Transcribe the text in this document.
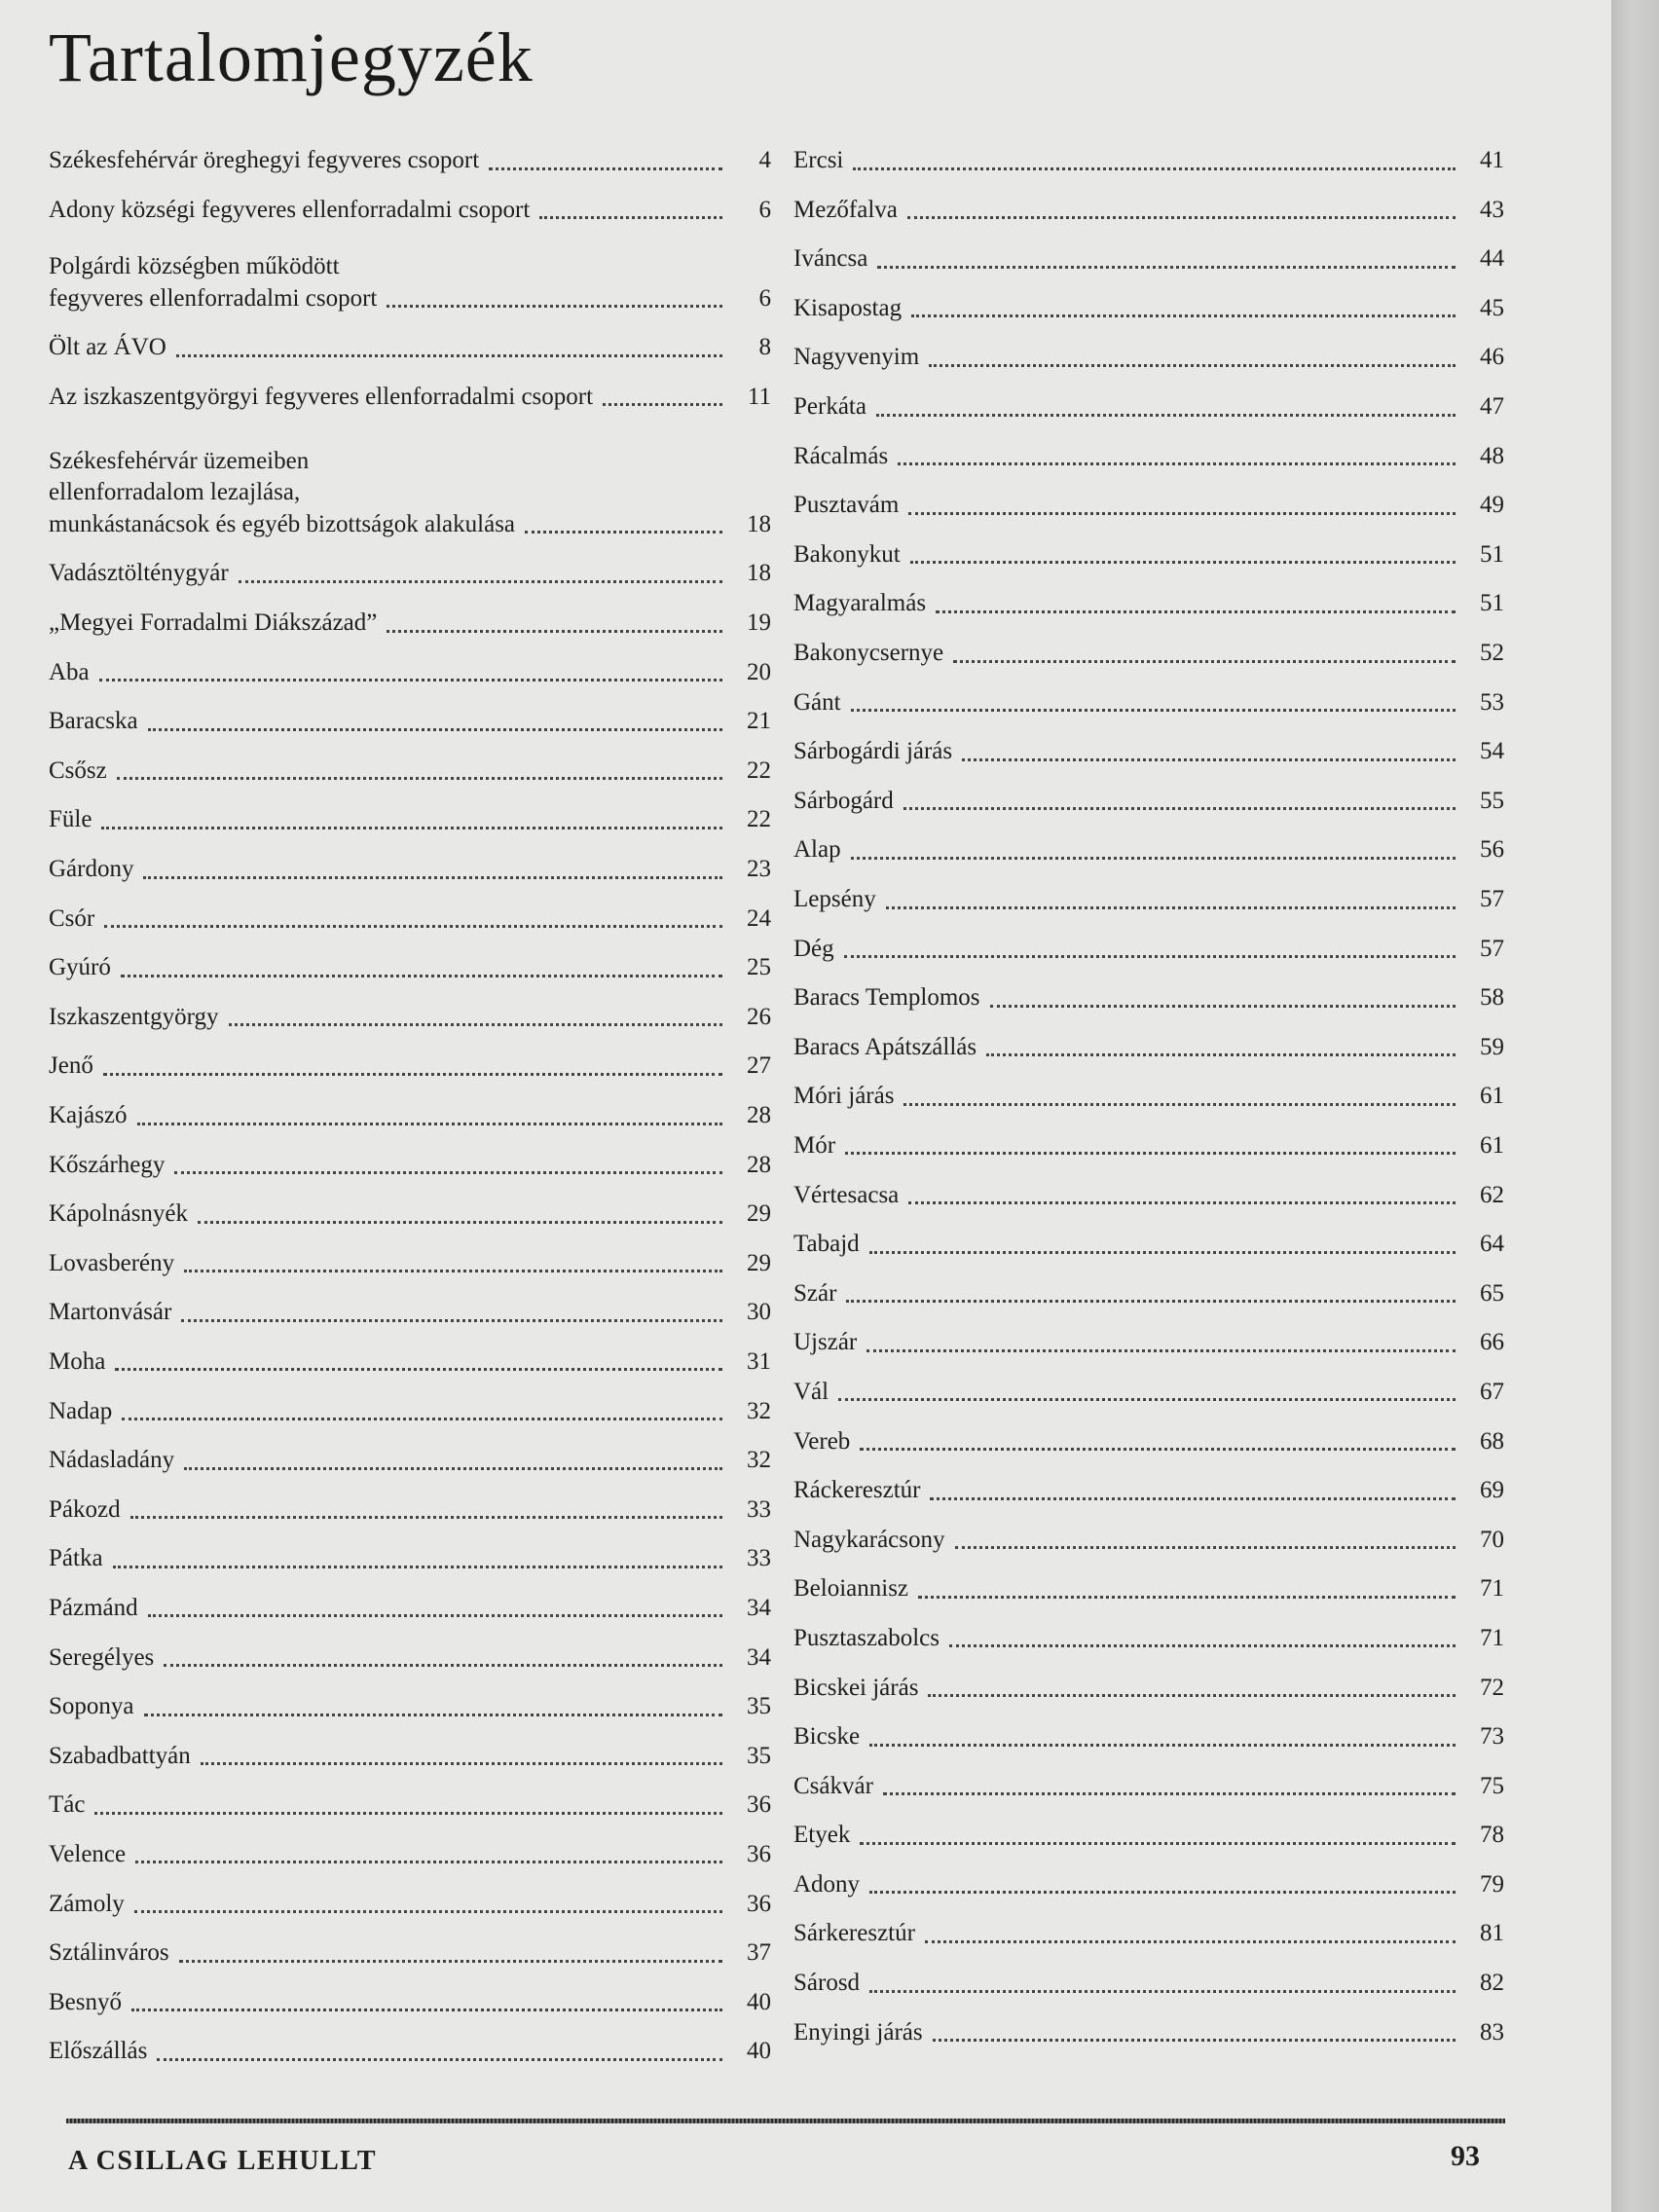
Tartalomjegyzék
Székesfehérvár öreghegyi fegyveres csoport	4
Adony községi fegyveres ellenforradalmi csoport	6
Polgárdi községben működött
fegyveres ellenforradalmi csoport	6
Ölt az ÁVO	8
Az iszkaszentgyörgyi fegyveres ellenforradalmi csoport	11
Székesfehérvár üzemeiben
ellenforradalom lezajlása,
munkástanácsok és egyéb bizottságok alakulása	18
Vadásztölténygyár	18
„Megyei Forradalmi Diákszázad”	19
Aba	20
Baracska	21
Csősz	22
Füle	22
Gárdony	23
Csór	24
Gyúró	25
Iszkaszentgyörgy	26
Jenő	27
Kajászó	28
Kőszárhegy	28
Kápolnásnyék	29
Lovasberény	29
Martonvásár	30
Moha	31
Nadap	32
Nádasladány	32
Pákozd	33
Pátka	33
Pázmánd	34
Seregélyes	34
Soponya	35
Szabadbattyán	35
Tác	36
Velence	36
Zámoly	36
Sztálinváros	37
Besnyő	40
Előszállás	40
Ercsi	41
Mezőfalva	43
Iváncsa	44
Kisapostag	45
Nagyvenyim	46
Perkáta	47
Rácalmás	48
Pusztavám	49
Bakonykut	51
Magyaralmás	51
Bakonycsernye	52
Gánt	53
Sárbogárdi járás	54
Sárbogárd	55
Alap	56
Lepsény	57
Dég	57
Baracs Templomos	58
Baracs Apátszállás	59
Móri járás	61
Mór	61
Vértesacsa	62
Tabajd	64
Szár	65
Ujszár	66
Vál	67
Vereb	68
Ráckeresztúr	69
Nagykarácsony	70
Beloiannisz	71
Pusztaszabolcs	71
Bicskei járás	72
Bicske	73
Csákvár	75
Etyek	78
Adony	79
Sárkeresztúr	81
Sárosd	82
Enyingi járás	83
A CSILLAG LEHULLT	93
